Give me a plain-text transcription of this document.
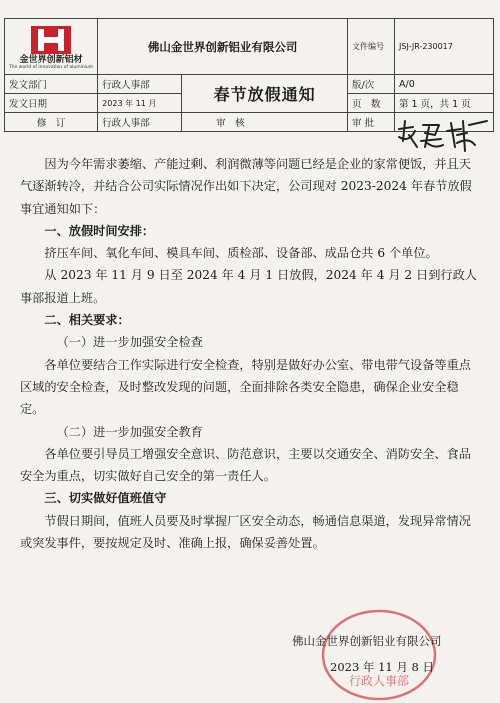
金世界创新铝材
The world of innovation of aluminium	佛山金世界创新铝业有限公司		文件编号	JSJ-JR-230017
发文部门	行政人事部	春节放假通知	版/次	A/0
发文日期	2023 年 11 月		页　数	第 1 页，共 1 页
修　订	行政人事部	审　核	审 批	

因为今年需求萎缩、产能过剩、利润微薄等问题已经是企业的家常便饭，并且天气逐渐转冷，并结合公司实际情况作出如下决定，公司现对 2023-2024 年春节放假事宜通知如下：

一、放假时间安排：

挤压车间、氧化车间、模具车间、质检部、设备部、成品仓共 6 个单位。

从 2023 年 11 月 9 日至 2024 年 4 月 1 日放假，2024 年 4 月 2 日到行政人事部报道上班。

二、相关要求：

（一）进一步加强安全检查

各单位要结合工作实际进行安全检查，特别是做好办公室、带电带气设备等重点区域的安全检查，及时整改发现的问题，全面排除各类安全隐患，确保企业安全稳定。

（二）进一步加强安全教育

各单位要引导员工增强安全意识、防范意识，主要以交通安全、消防安全、食品安全为重点，切实做好自己安全的第一责任人。

三、切实做好值班值守

节假日期间，值班人员要及时掌握厂区安全动态，畅通信息渠道，发现异常情况或突发事件，要按规定及时、准确上报，确保妥善处置。

行政人事部
佛山金世界创新铝业有限公司
2023 年 11 月 8 日
